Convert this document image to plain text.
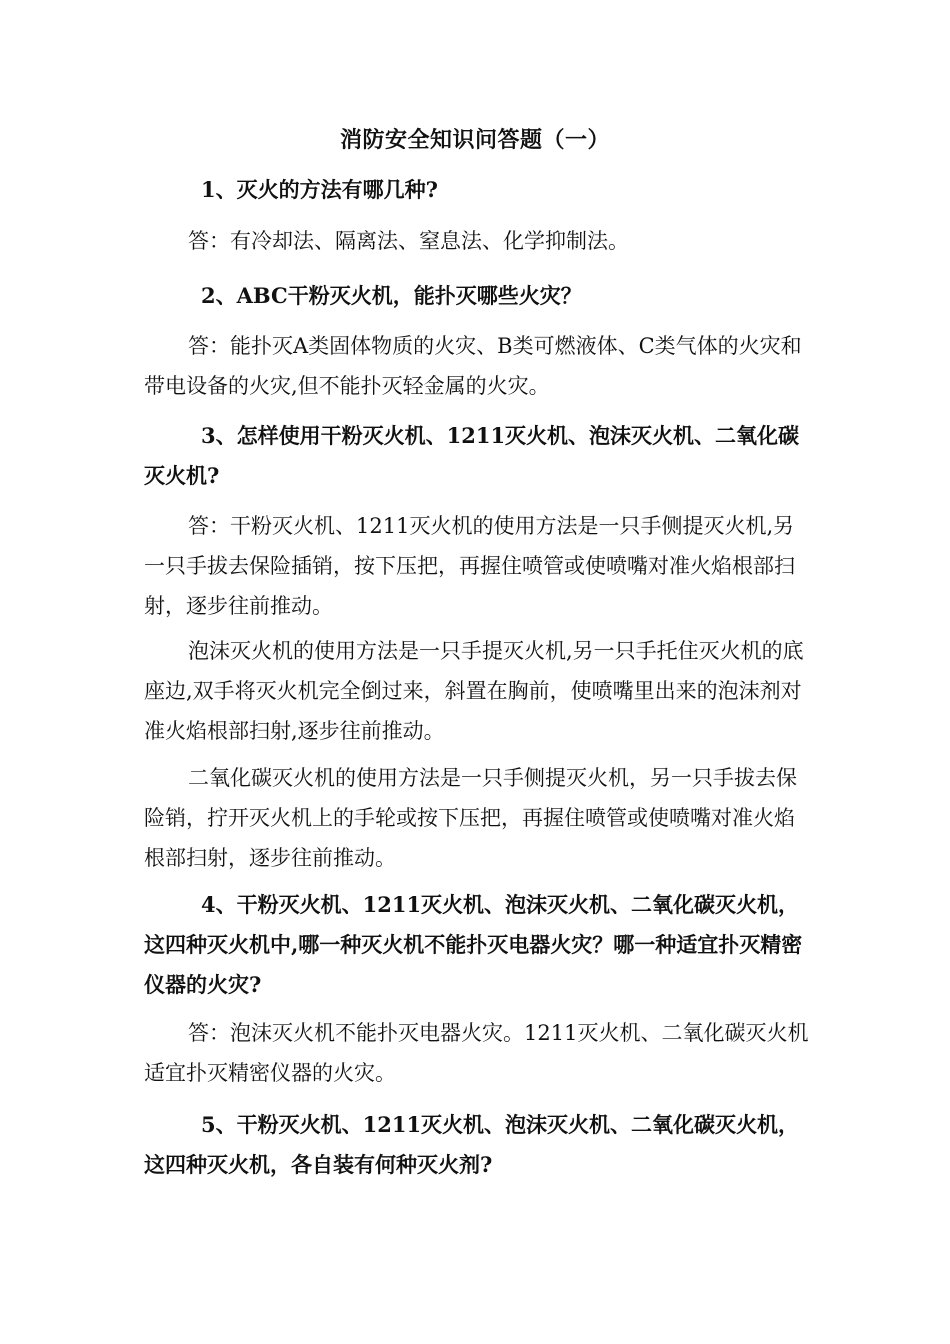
消防安全知识问答题（一）
1、灭火的方法有哪几种?
答：有冷却法、隔离法、窒息法、化学抑制法。
2、ABC干粉灭火机，能扑灭哪些火灾？
答：能扑灭A类固体物质的火灾、B类可燃液体、C类气体的火灾和带电设备的火灾,但不能扑灭轻金属的火灾。
3、怎样使用干粉灭火机、1211灭火机、泡沫灭火机、二氧化碳灭火机?
答：干粉灭火机、1211灭火机的使用方法是一只手侧提灭火机,另一只手拔去保险插销，按下压把，再握住喷管或使喷嘴对准火焰根部扫射，逐步往前推动。
泡沫灭火机的使用方法是一只手提灭火机,另一只手托住灭火机的底座边,双手将灭火机完全倒过来，斜置在胸前，使喷嘴里出来的泡沫剂对准火焰根部扫射,逐步往前推动。
二氧化碳灭火机的使用方法是一只手侧提灭火机，另一只手拔去保险销，拧开灭火机上的手轮或按下压把，再握住喷管或使喷嘴对准火焰根部扫射，逐步往前推动。
4、干粉灭火机、1211灭火机、泡沫灭火机、二氧化碳灭火机，这四种灭火机中,哪一种灭火机不能扑灭电器火灾？哪一种适宜扑灭精密仪器的火灾?
答：泡沫灭火机不能扑灭电器火灾。1211灭火机、二氧化碳灭火机适宜扑灭精密仪器的火灾。
5、干粉灭火机、1211灭火机、泡沫灭火机、二氧化碳灭火机，这四种灭火机，各自装有何种灭火剂?
